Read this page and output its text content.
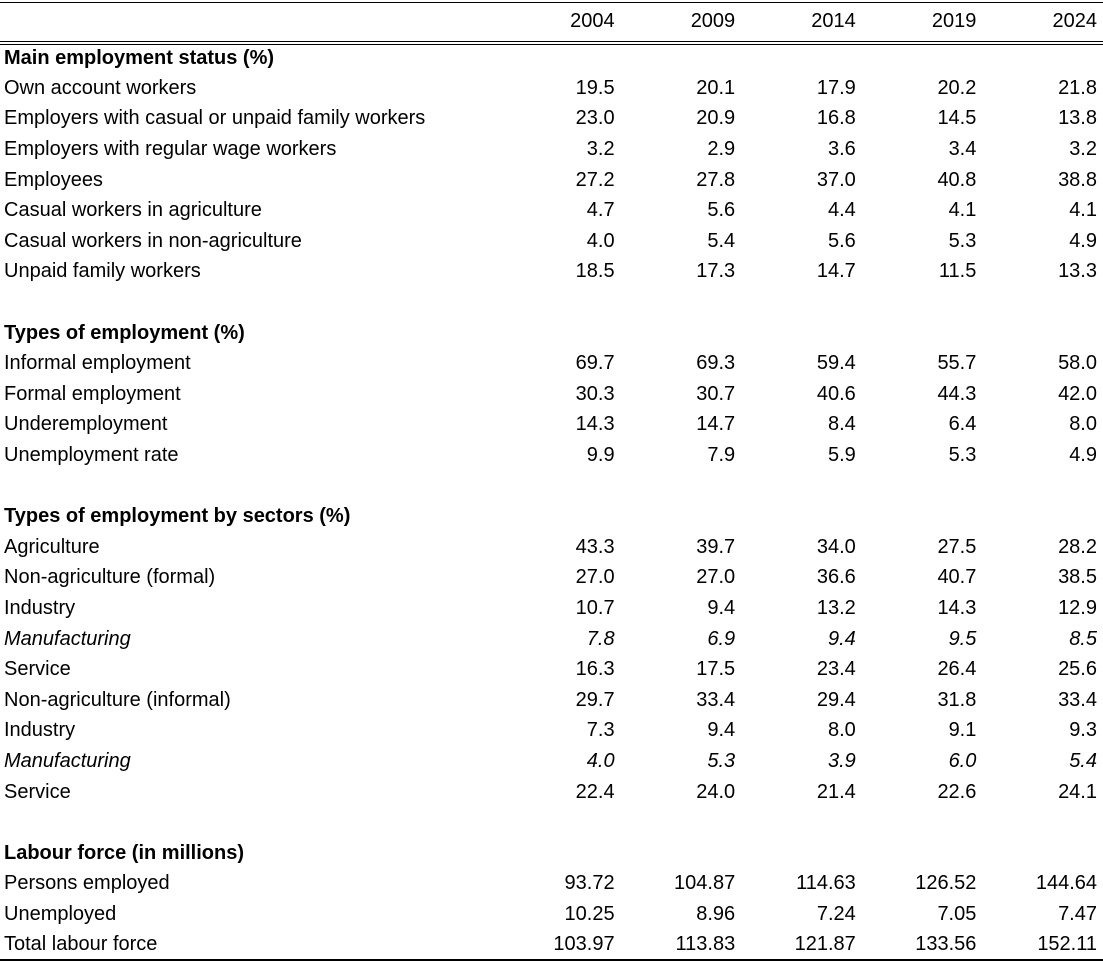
	2004	2009	2014	2019	2024
Main employment status (%)					
Own account workers	19.5	20.1	17.9	20.2	21.8
Employers with casual or unpaid family workers	23.0	20.9	16.8	14.5	13.8
Employers with regular wage workers	3.2	2.9	3.6	3.4	3.2
Employees	27.2	27.8	37.0	40.8	38.8
Casual workers in agriculture	4.7	5.6	4.4	4.1	4.1
Casual workers in non-agriculture	4.0	5.4	5.6	5.3	4.9
Unpaid family workers	18.5	17.3	14.7	11.5	13.3

Types of employment (%)					
Informal employment	69.7	69.3	59.4	55.7	58.0
Formal employment	30.3	30.7	40.6	44.3	42.0
Underemployment	14.3	14.7	8.4	6.4	8.0
Unemployment rate	9.9	7.9	5.9	5.3	4.9

Types of employment by sectors (%)					
Agriculture	43.3	39.7	34.0	27.5	28.2
Non-agriculture (formal)	27.0	27.0	36.6	40.7	38.5
Industry	10.7	9.4	13.2	14.3	12.9
Manufacturing	7.8	6.9	9.4	9.5	8.5
Service	16.3	17.5	23.4	26.4	25.6
Non-agriculture (informal)	29.7	33.4	29.4	31.8	33.4
Industry	7.3	9.4	8.0	9.1	9.3
Manufacturing	4.0	5.3	3.9	6.0	5.4
Service	22.4	24.0	21.4	22.6	24.1

Labour force (in millions)					
Persons employed	93.72	104.87	114.63	126.52	144.64
Unemployed	10.25	8.96	7.24	7.05	7.47
Total labour force	103.97	113.83	121.87	133.56	152.11
